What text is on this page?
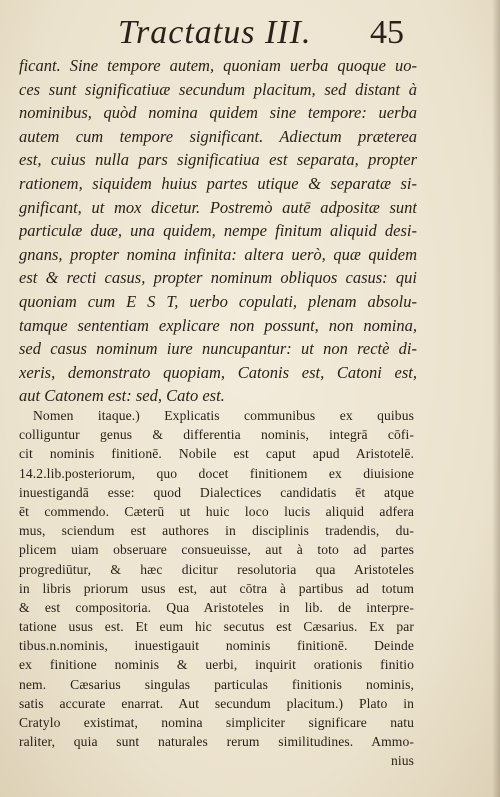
Tractatus III. 45
ficant. Sine tempore autem, quoniam uerba quoque uo-
ces sunt significatiuæ secundum placitum, sed distant à
nominibus, quòd nomina quidem sine tempore: uerba
autem cum tempore significant. Adiectum præterea
est, cuius nulla pars significatiua est separata, propter
rationem, siquidem huius partes utique & separatæ si-
gnificant, ut mox dicetur. Postremò autē adpositæ sunt
particulæ duæ, una quidem, nempe finitum aliquid desi-
gnans, propter nomina infinita: altera uerò, quæ quidem
est & recti casus, propter nominum obliquos casus: qui
quoniam cum E S T, uerbo copulati, plenam absolu-
tamque sententiam explicare non possunt, non nomina,
sed casus nominum iure nuncupantur: ut non rectè di-
xeris, demonstrato quopiam, Catonis est, Catoni est,
aut Catonem est: sed, Cato est.
Nomen itaque.) Explicatis communibus ex quibus
colliguntur genus & differentia nominis, integrā cōfi-
cit nominis finitionē. Nobile est caput apud Aristotelē.
14.2.lib.posteriorum, quo docet finitionem ex diuisione
inuestigandā esse: quod Dialectices candidatis ēt atque
ēt commendo. Cæterū ut huic loco lucis aliquid adfera
mus, sciendum est authores in disciplinis tradendis, du-
plicem uiam obseruare consueuisse, aut à toto ad partes
progrediūtur, & hæc dicitur resolutoria qua Aristoteles
in libris priorum usus est, aut cōtra à partibus ad totum
& est compositoria. Qua Aristoteles in lib. de interpre-
tatione usus est. Et eum hic secutus est Cæsarius. Ex par
tibus.n.nominis, inuestigauit nominis finitionē. Deinde
ex finitione nominis & uerbi, inquirit orationis finitio
nem. Cæsarius singulas particulas finitionis nominis,
satis accurate enarrat. Aut secundum placitum.) Plato in
Cratylo existimat, nomina simpliciter significare natu
raliter, quia sunt naturales rerum similitudines. Ammo-
nius
